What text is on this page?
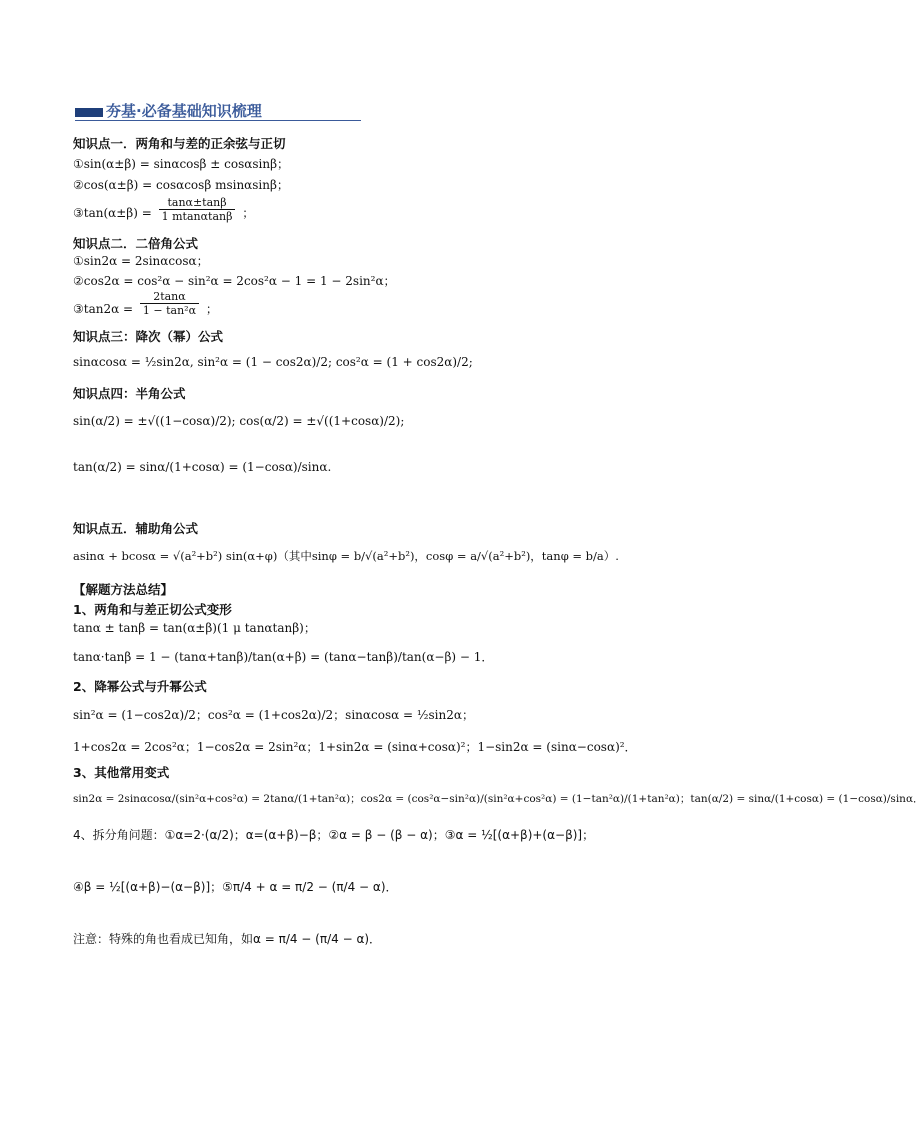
夯基·必备基础知识梳理
知识点一．两角和与差的正余弦与正切
①sin(α±β) = sinαcosβ ± cosαsinβ；
②cos(α±β) = cosαcosβ msinαsinβ；
③tan(α±β) = $\frac{\tan\alpha\pm\tan\beta}{1 mtan\alpha\tan\beta}$ ；
知识点二．二倍角公式
①sin2α = 2sinαcosα；
②cos2α = cos²α − sin²α = 2cos²α − 1 = 1 − 2sin²α；
③tan2α = $\frac{2\tan\alpha}{\text{1 − tan²α}}$ ；
知识点三：降次（幂）公式
sinαcosα = ½sin2α, sin²α = (1 − cos2α)/2; cos²α = (1 + cos2α)/2;
知识点四：半角公式
sin(α/2) = ±√((1−cosα)/2); cos(α/2) = ±√((1+cosα)/2);
tan(α/2) = sinα/(1+cosα) = (1−cosα)/sinα.
知识点五．辅助角公式
asinα + bcosα = √(a²+b²) sin(α+φ)（其中sinφ = b/√(a²+b²)，cosφ = a/√(a²+b²)，tanφ = b/a）.
【解题方法总结】
1、两角和与差正切公式变形
tanα ± tanβ = tan(α±β)(1 μ tanαtanβ)；
tanα·tanβ = 1 − (tanα+tanβ)/tan(α+β) = (tanα−tanβ)/tan(α−β) − 1．
2、降幂公式与升幂公式
sin²α = (1−cos2α)/2；cos²α = (1+cos2α)/2；sinαcosα = ½sin2α；
1+cos2α = 2cos²α；1−cos2α = 2sin²α；1+sin2α = (sinα+cosα)²；1−sin2α = (sinα−cosα)²．
3、其他常用变式
sin2α = 2sinαcosα/(sin²α+cos²α) = 2tanα/(1+tan²α)；cos2α = (cos²α−sin²α)/(sin²α+cos²α) = (1−tan²α)/(1+tan²α)；tan(α/2) = sinα/(1+cosα) = (1−cosα)/sinα．
4、拆分角问题：①α=2·(α/2)；α=(α+β)−β；②α = β − (β − α)；③α = ½[(α+β)+(α−β)]；
④β = ½[(α+β)−(α−β)]；⑤π/4 + α = π/2 − (π/4 − α)．
注意：特殊的角也看成已知角，如α = π/4 − (π/4 − α)．
